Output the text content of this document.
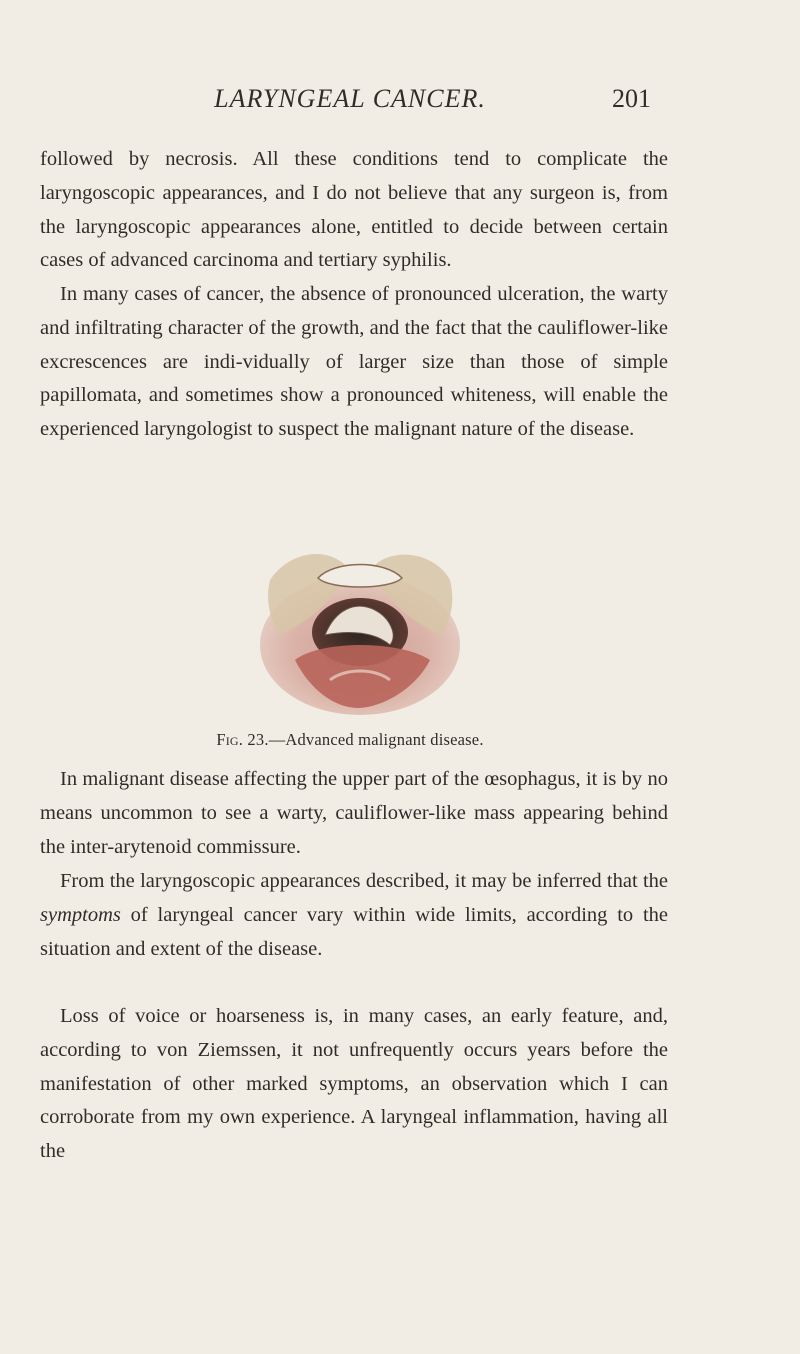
LARYNGEAL CANCER.	201

followed by necrosis. All these conditions tend to complicate the laryngoscopic appearances, and I do not believe that any surgeon is, from the laryngoscopic appearances alone, entitled to decide between certain cases of advanced carcinoma and tertiary syphilis.

In many cases of cancer, the absence of pronounced ulceration, the warty and infiltrating character of the growth, and the fact that the cauliflower-like excrescences are indi-vidually of larger size than those of simple papillomata, and sometimes show a pronounced whiteness, will enable the experienced laryngologist to suspect the malignant nature of the disease.

Fig. 23.—Advanced malignant disease.

In malignant disease affecting the upper part of the œsophagus, it is by no means uncommon to see a warty, cauliflower-like mass appearing behind the inter-arytenoid commissure.

From the laryngoscopic appearances described, it may be inferred that the symptoms of laryngeal cancer vary within wide limits, according to the situation and extent of the disease.

Loss of voice or hoarseness is, in many cases, an early feature, and, according to von Ziemssen, it not unfrequently occurs years before the manifestation of other marked symptoms, an observation which I can corroborate from my own experience. A laryngeal inflammation, having all the
